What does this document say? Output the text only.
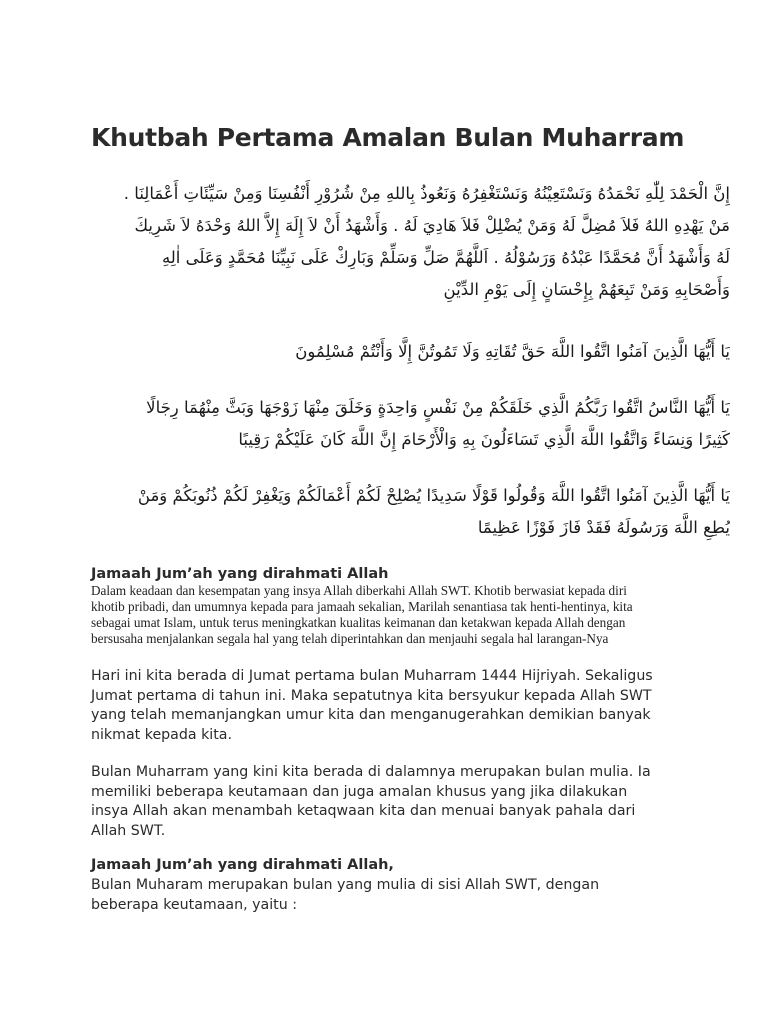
Khutbah Pertama Amalan Bulan Muharram
إِنَّ الْحَمْدَ لِلّٰهِ نَحْمَدُهُ وَنَسْتَعِيْنُهُ وَنَسْتَغْفِرُهُ وَنَعُوذُ بِاللهِ مِنْ شُرُوْرِ أَنْفُسِنَا وَمِنْ سَيِّئَاتِ أَعْمَالِنَا .
مَنْ يَهْدِهِ اللهُ فَلاَ مُضِلَّ لَهُ وَمَنْ يُضْلِلْ فَلاَ هَادِيَ لَهُ . وَأَشْهَدُ أَنْ لاَ إِلَهَ إِلاَّ اللهُ وَحْدَهُ لاَ شَرِيكَ
لَهُ وَأَشْهَدُ أَنَّ مُحَمَّدًا عَبْدُهُ وَرَسُوْلُهُ . اَللَّهُمَّ صَلِّ وَسَلِّمْ وَبَارِكْ عَلَى نَبِيِّنَا مُحَمَّدٍ وَعَلَى اٰلِهِ
وَأَصْحَابِهِ وَمَنْ تَبِعَهُمْ بِإِحْسَانٍ إِلَى يَوْمِ الدِّيْنِ
يَا أَيُّهَا الَّذِينَ آمَنُوا اتَّقُوا اللَّهَ حَقَّ تُقَاتِهِ وَلَا تَمُوتُنَّ إِلَّا وَأَنْتُمْ مُسْلِمُونَ
يَا أَيُّهَا النَّاسُ اتَّقُوا رَبَّكُمُ الَّذِي خَلَقَكُمْ مِنْ نَفْسٍ وَاحِدَةٍ وَخَلَقَ مِنْهَا زَوْجَهَا وَبَثَّ مِنْهُمَا رِجَالًا
كَثِيرًا وَنِسَاءً وَاتَّقُوا اللَّهَ الَّذِي تَسَاءَلُونَ بِهِ وَالْأَرْحَامَ إِنَّ اللَّهَ كَانَ عَلَيْكُمْ رَقِيبًا
يَا أَيُّهَا الَّذِينَ آمَنُوا اتَّقُوا اللَّهَ وَقُولُوا قَوْلًا سَدِيدًا يُصْلِحْ لَكُمْ أَعْمَالَكُمْ وَيَغْفِرْ لَكُمْ ذُنُوبَكُمْ وَمَنْ
يُطِعِ اللَّهَ وَرَسُولَهُ فَقَدْ فَازَ فَوْزًا عَظِيمًا
Jamaah Jum’ah yang dirahmati Allah
Dalam keadaan dan kesempatan yang insya Allah diberkahi Allah SWT. Khotib berwasiat kepada diri
khotib pribadi, dan umumnya kepada para jamaah sekalian, Marilah senantiasa tak henti-hentinya, kita
sebagai umat Islam, untuk terus meningkatkan kualitas keimanan dan ketakwan kepada Allah dengan
bersusaha menjalankan segala hal yang telah diperintahkan dan menjauhi segala hal larangan-Nya
Hari ini kita berada di Jumat pertama bulan Muharram 1444 Hijriyah. Sekaligus
Jumat pertama di tahun ini. Maka sepatutnya kita bersyukur kepada Allah SWT
yang telah memanjangkan umur kita dan menganugerahkan demikian banyak
nikmat kepada kita.
Bulan Muharram yang kini kita berada di dalamnya merupakan bulan mulia. Ia
memiliki beberapa keutamaan dan juga amalan khusus yang jika dilakukan
insya Allah akan menambah ketaqwaan kita dan menuai banyak pahala dari
Allah SWT.
Jamaah Jum’ah yang dirahmati Allah,
Bulan Muharam merupakan bulan yang mulia di sisi Allah SWT, dengan
beberapa keutamaan, yaitu :
